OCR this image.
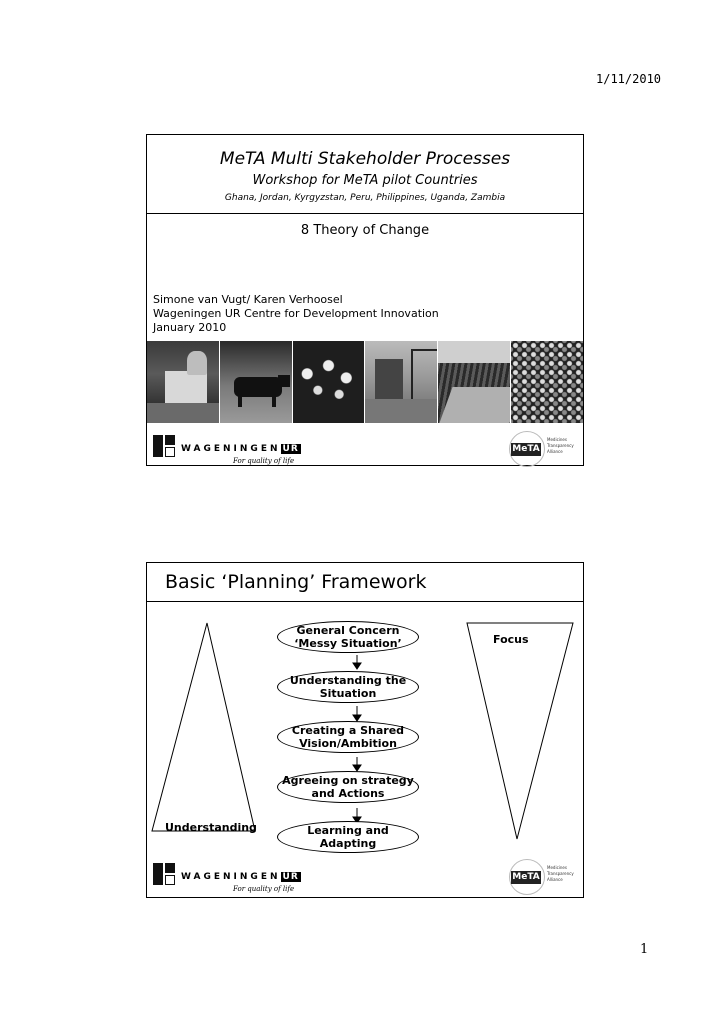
1/11/2010
MeTA Multi Stakeholder Processes
Workshop for MeTA pilot Countries
Ghana, Jordan, Kyrgyzstan, Peru, Philippines, Uganda, Zambia
8 Theory of Change
Simone van Vugt/ Karen Verhoosel
Wageningen UR Centre for Development Innovation
January 2010
WAGENINGEN UR
For quality of life
MeTA
Medicines
Transparency
Alliance
Basic ‘Planning’ Framework
General Concern ‘Messy Situation’
Understanding the Situation
Creating a Shared Vision/Ambition
Agreeing on strategy and Actions
Learning and Adapting
Understanding
Focus
WAGENINGEN UR
For quality of life
MeTA
Medicines
Transparency
Alliance
1
